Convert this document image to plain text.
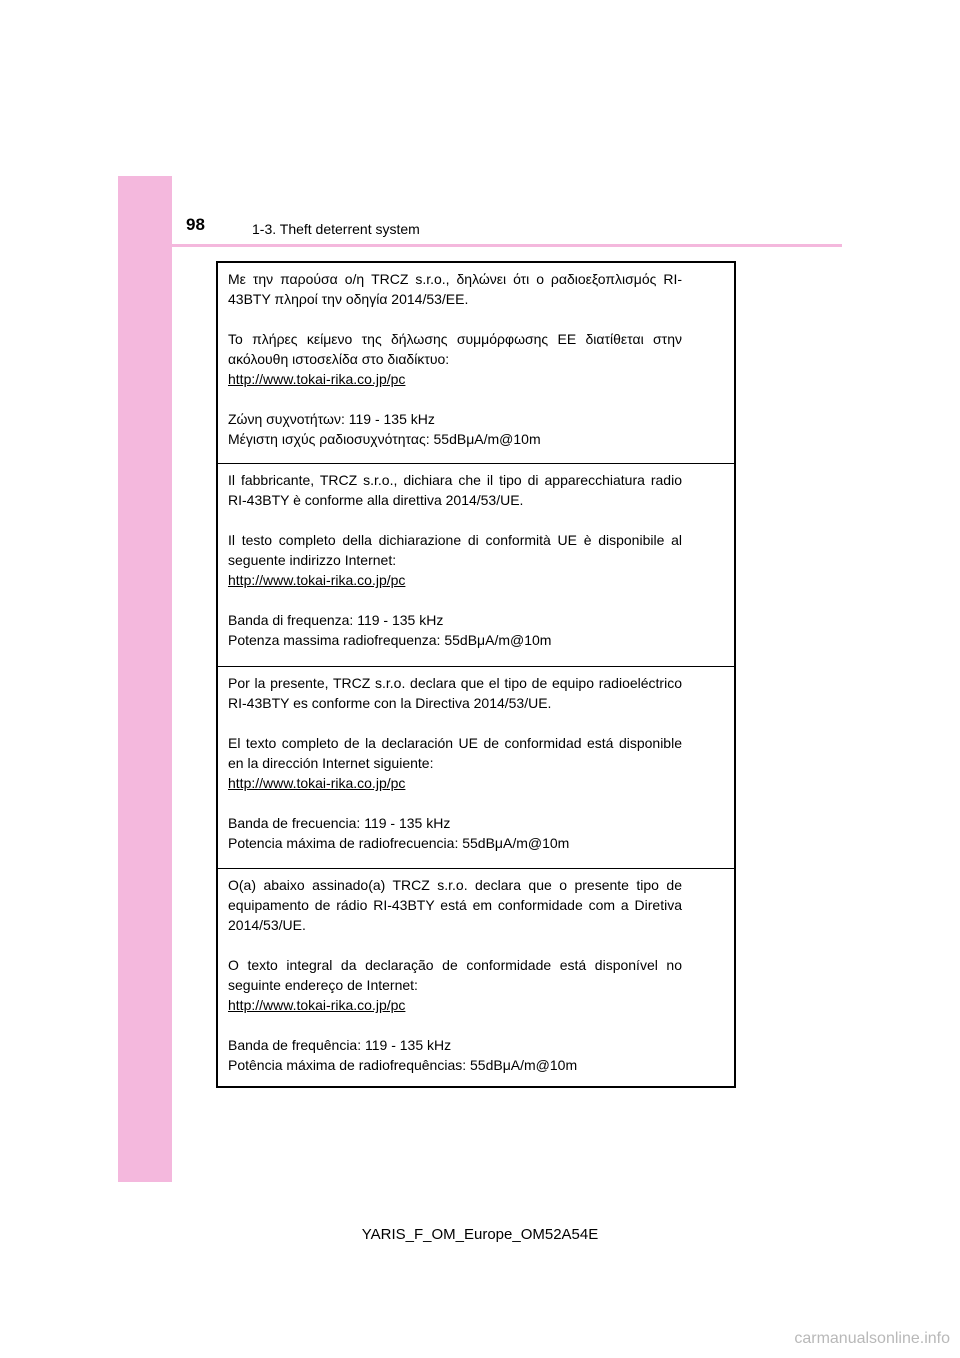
98	1-3. Theft deterrent system

Με την παρούσα ο/η TRCZ s.r.o., δηλώνει ότι ο ραδιοεξοπλισμός RI-43BTY πληροί την οδηγία 2014/53/ΕΕ.

Το πλήρες κείμενο της δήλωσης συμμόρφωσης ΕΕ διατίθεται στην ακόλουθη ιστοσελίδα στο διαδίκτυο:

http://www.tokai-rika.co.jp/pc

Ζώνη συχνοτήτων: 119 - 135 kHz

Μέγιστη ισχύς ραδιοσυχνότητας: 55dBμA/m@10m

Il fabbricante, TRCZ s.r.o., dichiara che il tipo di apparecchiatura radio RI-43BTY è conforme alla direttiva 2014/53/UE.

Il testo completo della dichiarazione di conformità UE è disponibile al seguente indirizzo Internet:

http://www.tokai-rika.co.jp/pc

Banda di frequenza: 119 - 135 kHz

Potenza massima radiofrequenza: 55dBμA/m@10m

Por la presente, TRCZ s.r.o. declara que el tipo de equipo radioeléctrico RI-43BTY es conforme con la Directiva 2014/53/UE.

El texto completo de la declaración UE de conformidad está disponible en la dirección Internet siguiente:

http://www.tokai-rika.co.jp/pc

Banda de frecuencia: 119 - 135 kHz

Potencia máxima de radiofrecuencia: 55dBμA/m@10m

O(a) abaixo assinado(a) TRCZ s.r.o. declara que o presente tipo de equipamento de rádio RI-43BTY está em conformidade com a Diretiva 2014/53/UE.

O texto integral da declaração de conformidade está disponível no seguinte endereço de Internet:

http://www.tokai-rika.co.jp/pc

Banda de frequência: 119 - 135 kHz

Potência máxima de radiofrequências: 55dBμA/m@10m

YARIS_F_OM_Europe_OM52A54E
carmanualsonline.info
